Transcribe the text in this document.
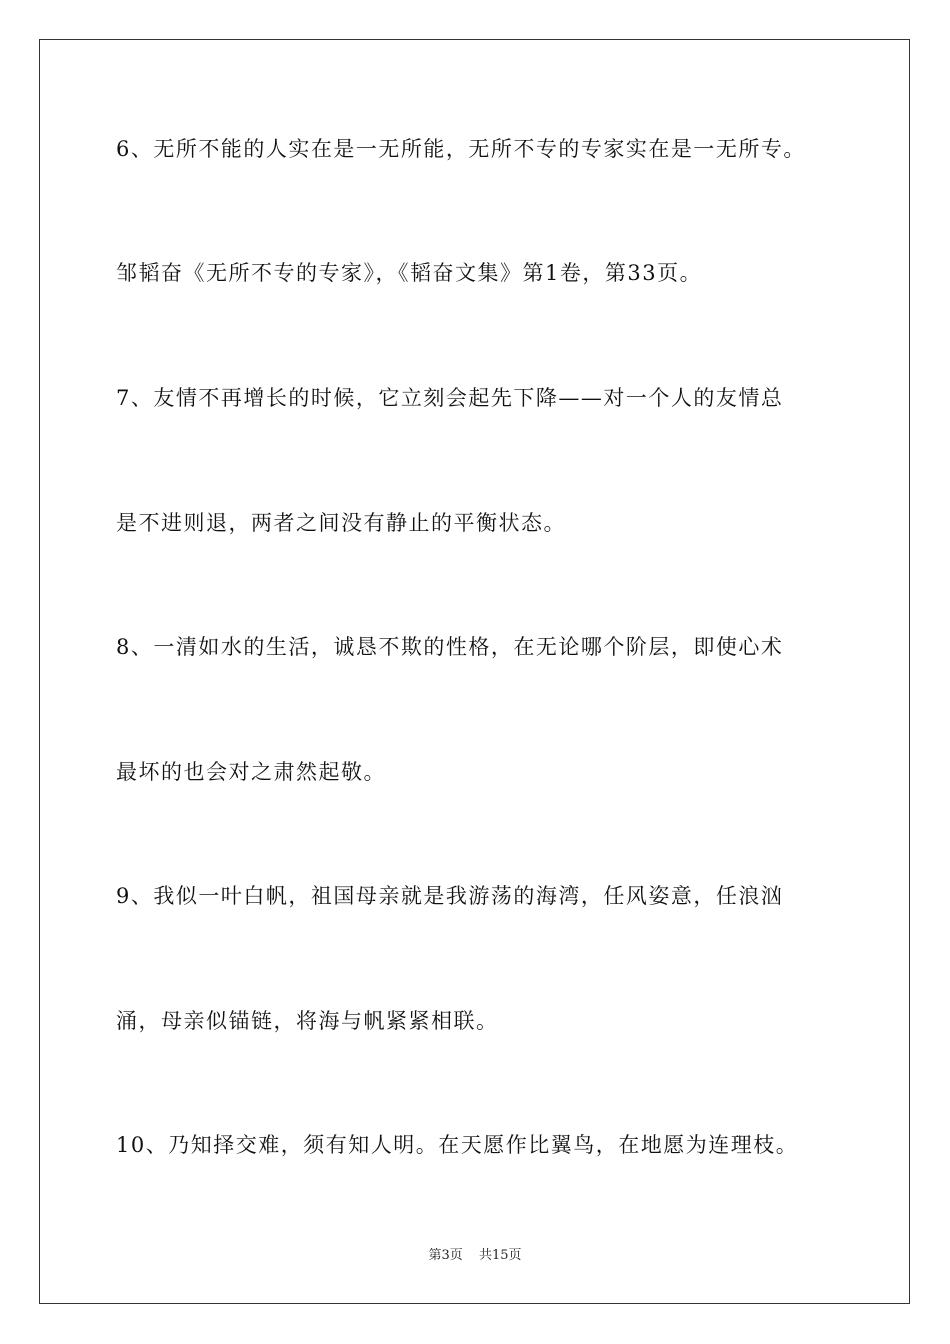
6、无所不能的人实在是一无所能，无所不专的专家实在是一无所专。
邹韬奋《无所不专的专家》，《韬奋文集》第1卷，第33页。
7、友情不再增长的时候，它立刻会起先下降——对一个人的友情总
是不进则退，两者之间没有静止的平衡状态。
8、一清如水的生活，诚恳不欺的性格，在无论哪个阶层，即使心术
最坏的也会对之肃然起敬。
9、我似一叶白帆，祖国母亲就是我游荡的海湾，任风姿意，任浪汹
涌，母亲似锚链，将海与帆紧紧相联。
10、乃知择交难，须有知人明。在天愿作比翼鸟，在地愿为连理枝。
第3页 共15页
